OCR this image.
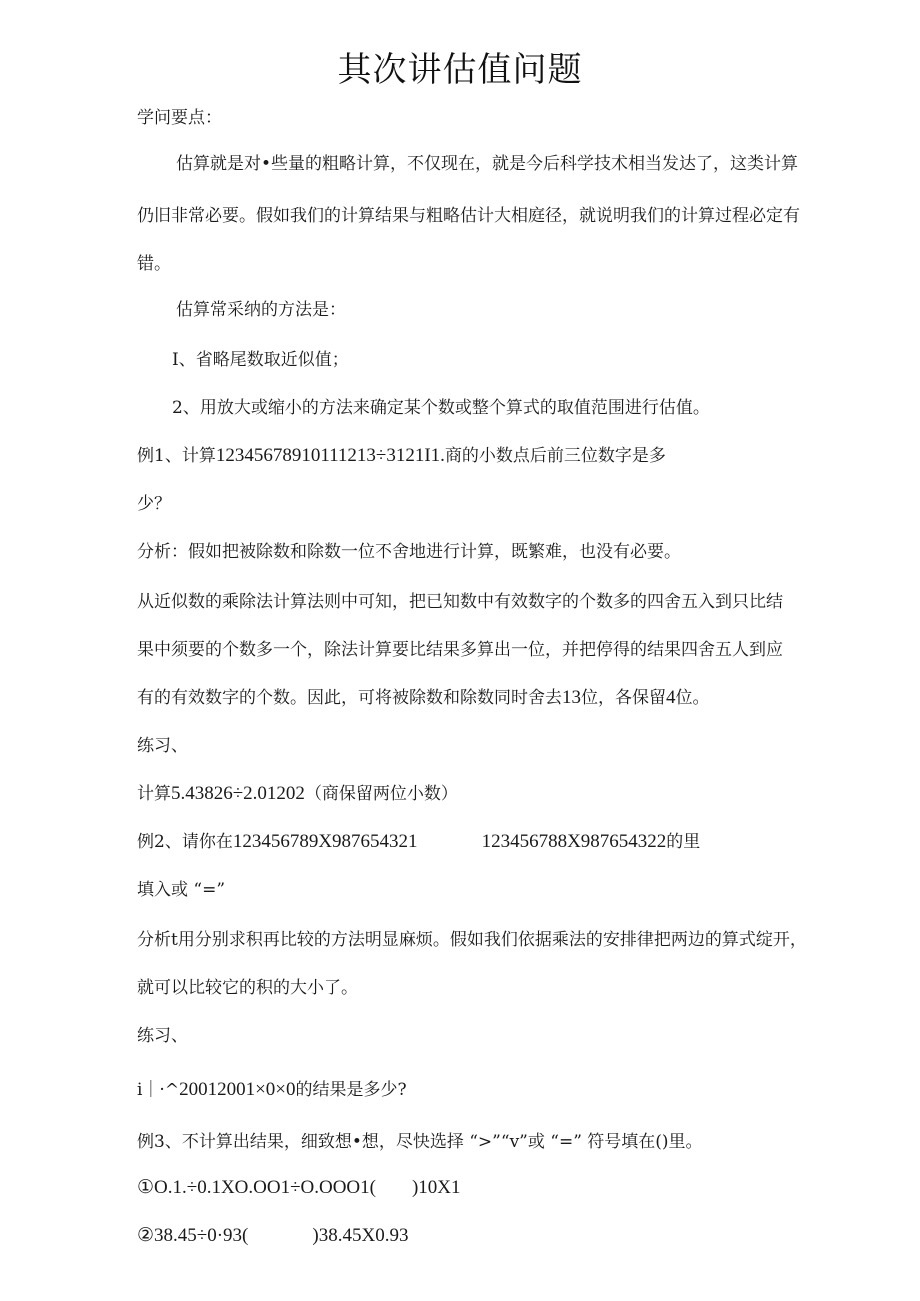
其次讲估值问题
学问要点：
估算就是对•些量的粗略计算，不仅现在，就是今后科学技术相当发达了，这类计算
仍旧非常必要。假如我们的计算结果与粗略估计大相庭径，就说明我们的计算过程必定有
错。
估算常采纳的方法是：
I、省略尾数取近似值；
2、用放大或缩小的方法来确定某个数或整个算式的取值范围进行估值。
例1、计算12345678910111213÷3121I1.商的小数点后前三位数字是多
少？
分析：假如把被除数和除数一位不舍地进行计算，既繁难，也没有必要。
从近似数的乘除法计算法则中可知，把已知数中有效数字的个数多的四舍五入到只比结
果中须要的个数多一个，除法计算要比结果多算出一位，并把停得的结果四舍五人到应
有的有效数字的个数。因此，可将被除数和除数同时舍去13位，各保留4位。
练习、
计算5.43826÷2.01202（商保留两位小数）
例2、请你在123456789X987654321	123456788X987654322的里
填入或 “=”
分析t用分别求积再比较的方法明显麻烦。假如我们依据乘法的安排律把两边的算式绽开，
就可以比较它的积的大小了。
练习、
i｜·^20012001×0×0的结果是多少?
例3、不计算出结果，细致想•想，尽快选择 “>”“v”或 “=” 符号填在()里。
①O.1.÷0.1XO.OO1÷O.OOO1( )10X1
②38.45÷0·93(	)38.45X0.93
